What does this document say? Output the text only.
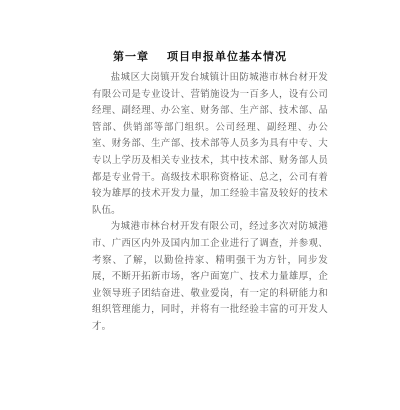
第一章 项目申报单位基本情况
盐城区大岗镇开发台城镇计田防城港市林台材开发有限公司是专业设计、营销施设为一百多人，设有公司经理、副经理、办公室、财务部、生产部、技术部、品管部、供销部等部门组织。公司经理、副经理、办公室、财务部、生产部、技术部等人员多为具有中专、大专以上学历及相关专业技术，其中技术部、财务部人员都是专业骨干。高级技术职称资格证、总之，公司有着较为雄厚的技术开发力量，加工经验丰富及较好的技术队伍。
为城港市林台材开发有限公司，经过多次对防城港市、广西区内外及国内加工企业进行了调查，并参观、考察、了解，以勤俭持家、精明强干为方针，同步发展，不断开拓新市场，客户面宽广、技术力量雄厚，企业领导班子团结奋进、敬业爱岗，有一定的科研能力和组织管理能力，同时，并将有一批经验丰富的可开发人才。
